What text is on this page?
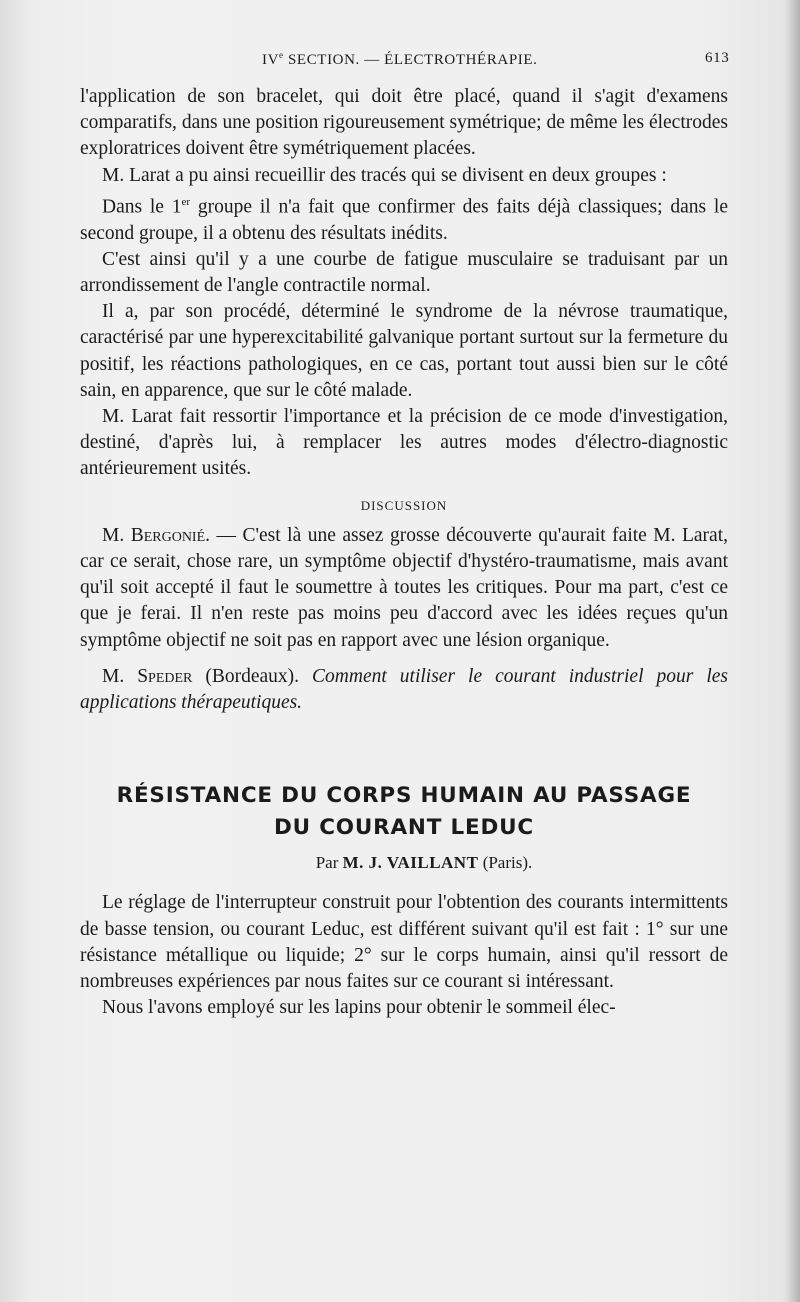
IVe SECTION. — ÉLECTROTHÉRAPIE.	613

l'application de son bracelet, qui doit être placé, quand il s'agit d'examens comparatifs, dans une position rigoureusement symétrique; de même les électrodes exploratrices doivent être symétriquement placées.

M. Larat a pu ainsi recueillir des tracés qui se divisent en deux groupes :

Dans le 1er groupe il n'a fait que confirmer des faits déjà classiques; dans le second groupe, il a obtenu des résultats inédits.

C'est ainsi qu'il y a une courbe de fatigue musculaire se traduisant par un arrondissement de l'angle contractile normal.

Il a, par son procédé, déterminé le syndrome de la névrose traumatique, caractérisé par une hyperexcitabilité galvanique portant surtout sur la fermeture du positif, les réactions pathologiques, en ce cas, portant tout aussi bien sur le côté sain, en apparence, que sur le côté malade.

M. Larat fait ressortir l'importance et la précision de ce mode d'investigation, destiné, d'après lui, à remplacer les autres modes d'électro-diagnostic antérieurement usités.

DISCUSSION

M. Bergonié. — C'est là une assez grosse découverte qu'aurait faite M. Larat, car ce serait, chose rare, un symptôme objectif d'hystéro-traumatisme, mais avant qu'il soit accepté il faut le soumettre à toutes les critiques. Pour ma part, c'est ce que je ferai. Il n'en reste pas moins peu d'accord avec les idées reçues qu'un symptôme objectif ne soit pas en rapport avec une lésion organique.

M. Speder (Bordeaux). Comment utiliser le courant industriel pour les applications thérapeutiques.

RÉSISTANCE DU CORPS HUMAIN AU PASSAGE
DU COURANT LEDUC

Par M. J. VAILLANT (Paris).

Le réglage de l'interrupteur construit pour l'obtention des courants intermittents de basse tension, ou courant Leduc, est différent suivant qu'il est fait : 1° sur une résistance métallique ou liquide; 2° sur le corps humain, ainsi qu'il ressort de nombreuses expériences par nous faites sur ce courant si intéressant.

Nous l'avons employé sur les lapins pour obtenir le sommeil élec-
